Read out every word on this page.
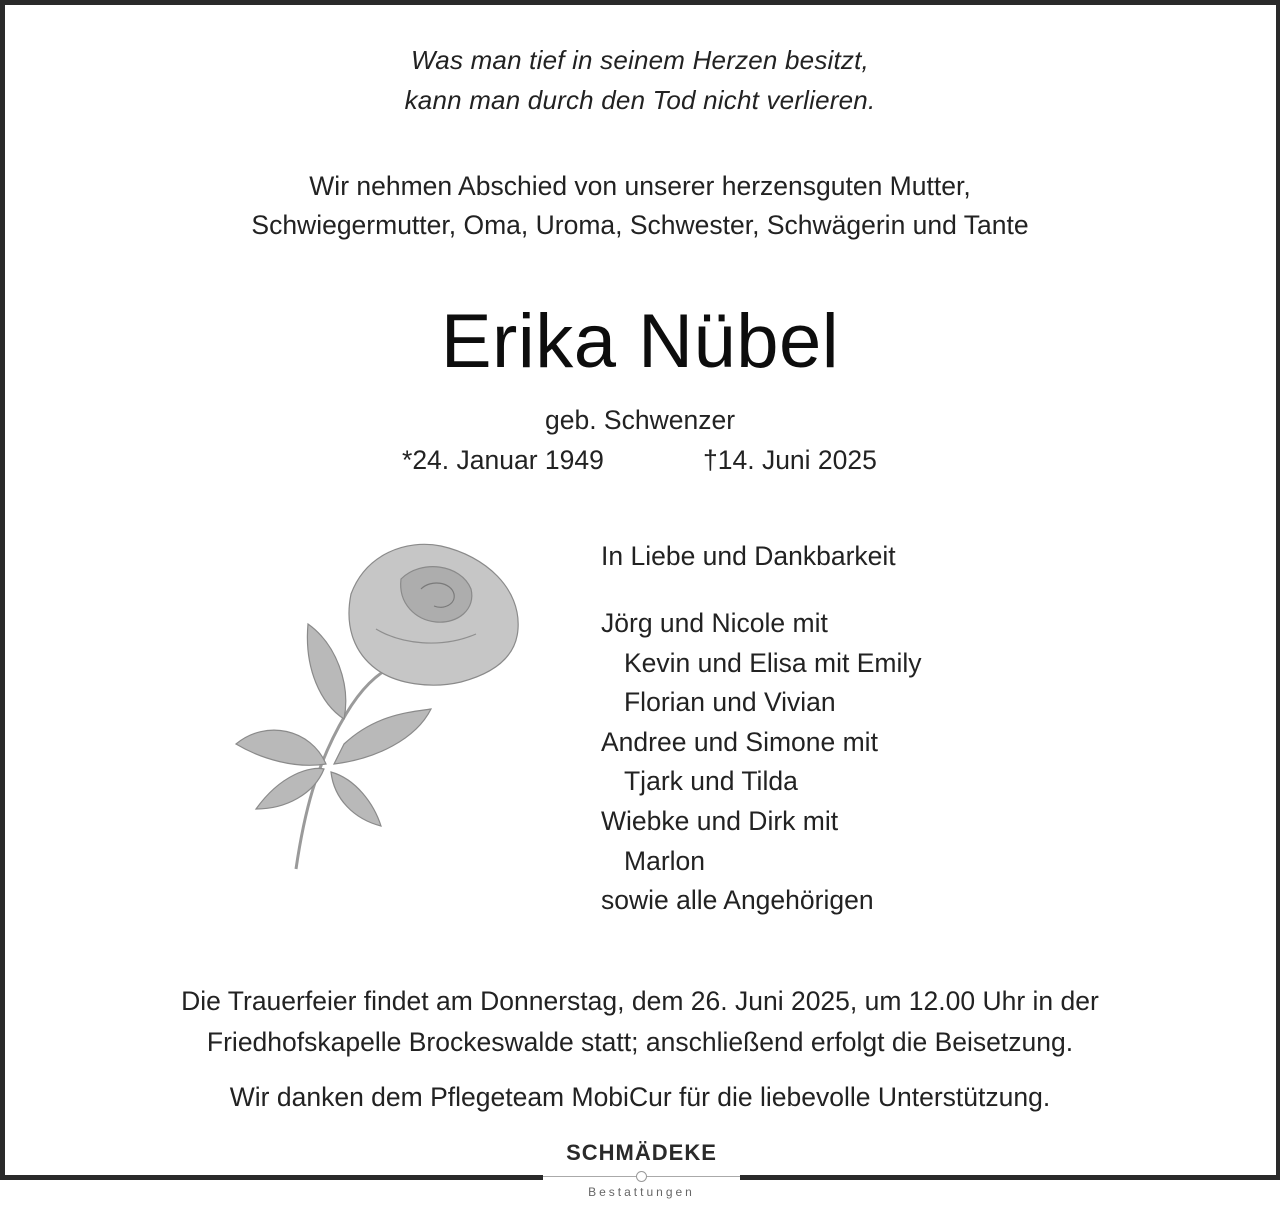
Was man tief in seinem Herzen besitzt,
kann man durch den Tod nicht verlieren.
Wir nehmen Abschied von unserer herzensguten Mutter,
Schwiegermutter, Oma, Uroma, Schwester, Schwägerin und Tante
Erika Nübel
geb. Schwenzer
*24. Januar 1949	†14. Juni 2025
In Liebe und Dankbarkeit
Jörg und Nicole mit
Kevin und Elisa mit Emily
Florian und Vivian
Andree und Simone mit
Tjark und Tilda
Wiebke und Dirk mit
Marlon
sowie alle Angehörigen
Die Trauerfeier findet am Donnerstag, dem 26. Juni 2025, um 12.00 Uhr in der
Friedhofskapelle Brockeswalde statt; anschließend erfolgt die Beisetzung.
Wir danken dem Pflegeteam MobiCur für die liebevolle Unterstützung.
SCHMÄDEKE
Bestattungen
